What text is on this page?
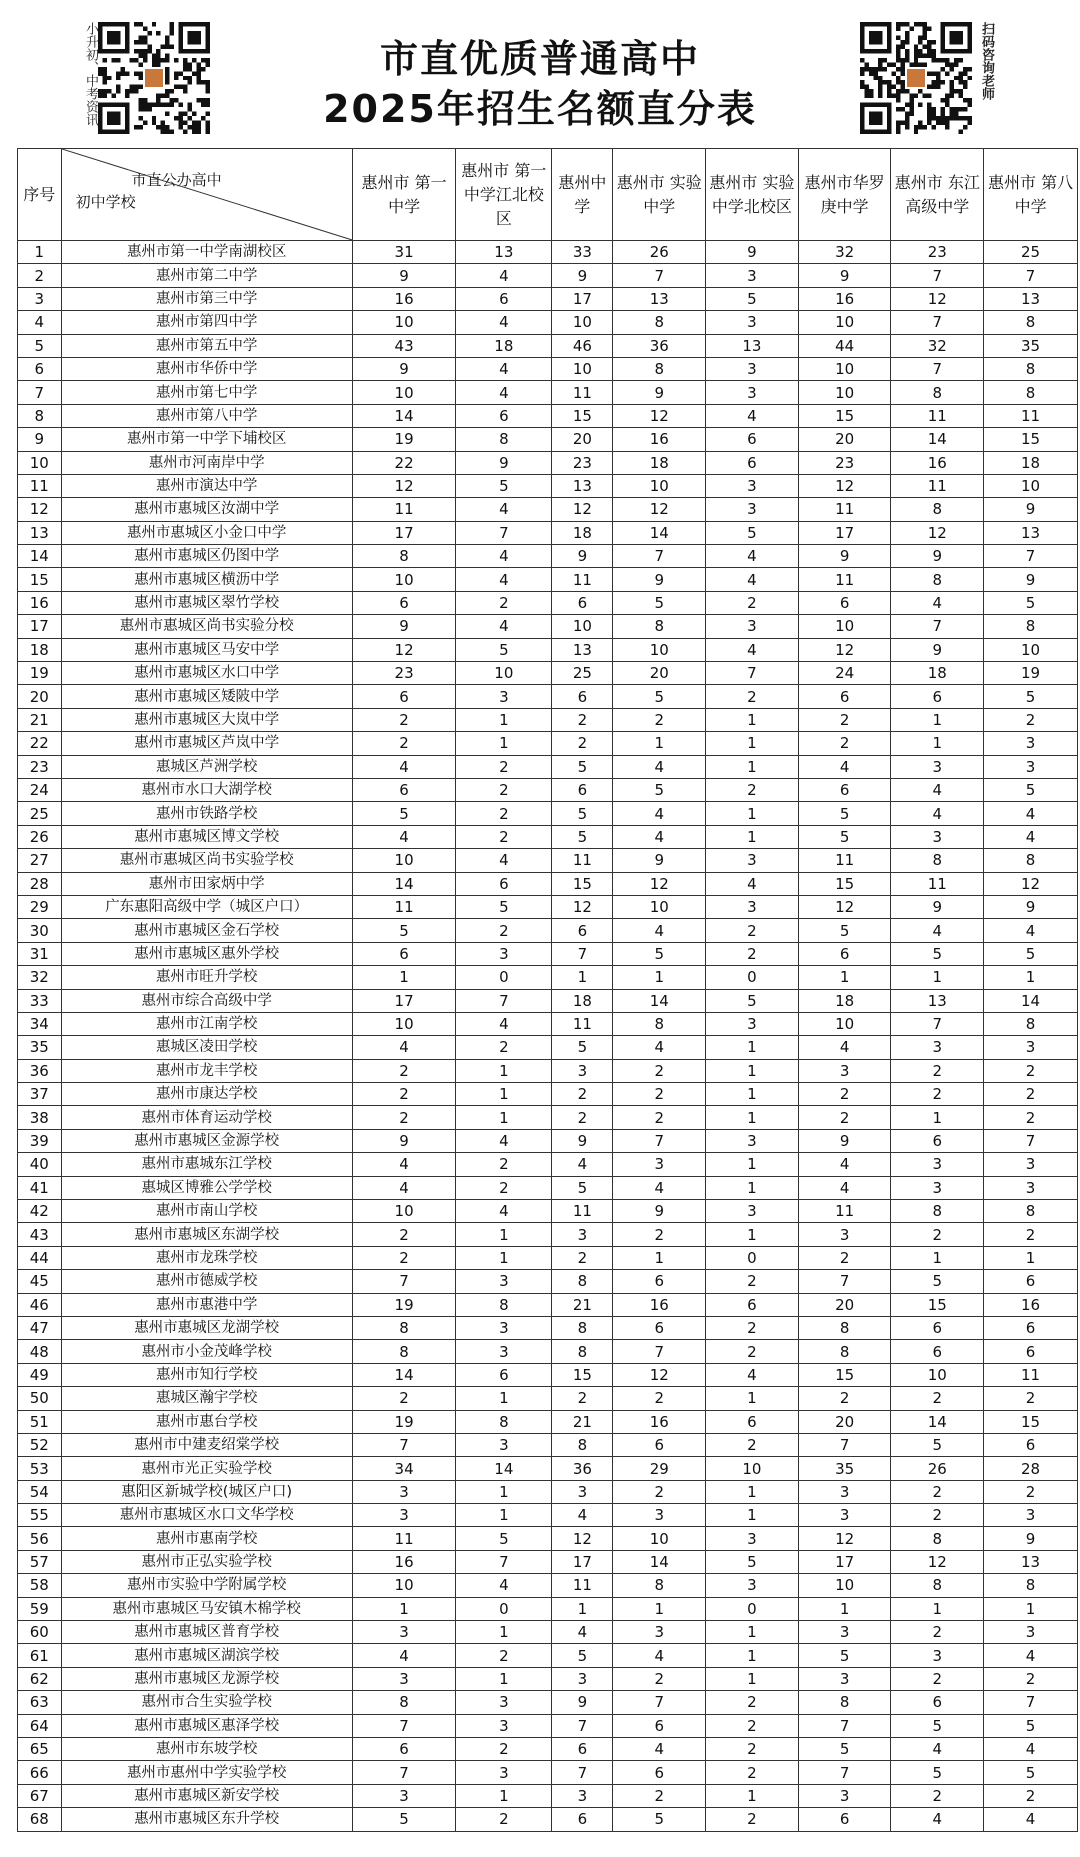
小升初、中考资讯	市直优质普通高中
2025年招生名额直分表
扫码咨询老师
序号	市直公办高中
初中学校	惠州市 第一中学	惠州市 第一中学江北校区	惠州中学	惠州市 实验中学	惠州市 实验中学北校区	惠州市华罗庚中学	惠州市 东江高级中学	惠州市 第八中学

1	惠州市第一中学南湖校区	31	13	33	26	9	32	23	25
2	惠州市第二中学	9	4	9	7	3	9	7	7
3	惠州市第三中学	16	6	17	13	5	16	12	13
4	惠州市第四中学	10	4	10	8	3	10	7	8
5	惠州市第五中学	43	18	46	36	13	44	32	35
6	惠州市华侨中学	9	4	10	8	3	10	7	8
7	惠州市第七中学	10	4	11	9	3	10	8	8
8	惠州市第八中学	14	6	15	12	4	15	11	11
9	惠州市第一中学下埔校区	19	8	20	16	6	20	14	15
10	惠州市河南岸中学	22	9	23	18	6	23	16	18
11	惠州市演达中学	12	5	13	10	3	12	11	10
12	惠州市惠城区汝湖中学	11	4	12	12	3	11	8	9
13	惠州市惠城区小金口中学	17	7	18	14	5	17	12	13
14	惠州市惠城区仍图中学	8	4	9	7	4	9	9	7
15	惠州市惠城区横沥中学	10	4	11	9	4	11	8	9
16	惠州市惠城区翠竹学校	6	2	6	5	2	6	4	5
17	惠州市惠城区尚书实验分校	9	4	10	8	3	10	7	8
18	惠州市惠城区马安中学	12	5	13	10	4	12	9	10
19	惠州市惠城区水口中学	23	10	25	20	7	24	18	19
20	惠州市惠城区矮陂中学	6	3	6	5	2	6	6	5
21	惠州市惠城区大岚中学	2	1	2	2	1	2	1	2
22	惠州市惠城区芦岚中学	2	1	2	1	1	2	1	3
23	惠城区芦洲学校	4	2	5	4	1	4	3	3
24	惠州市水口大湖学校	6	2	6	5	2	6	4	5
25	惠州市铁路学校	5	2	5	4	1	5	4	4
26	惠州市惠城区博文学校	4	2	5	4	1	5	3	4
27	惠州市惠城区尚书实验学校	10	4	11	9	3	11	8	8
28	惠州市田家炳中学	14	6	15	12	4	15	11	12
29	广东惠阳高级中学（城区户口）	11	5	12	10	3	12	9	9
30	惠州市惠城区金石学校	5	2	6	4	2	5	4	4
31	惠州市惠城区惠外学校	6	3	7	5	2	6	5	5
32	惠州市旺升学校	1	0	1	1	0	1	1	1
33	惠州市综合高级中学	17	7	18	14	5	18	13	14
34	惠州市江南学校	10	4	11	8	3	10	7	8
35	惠城区凌田学校	4	2	5	4	1	4	3	3
36	惠州市龙丰学校	2	1	3	2	1	3	2	2
37	惠州市康达学校	2	1	2	2	1	2	2	2
38	惠州市体育运动学校	2	1	2	2	1	2	1	2
39	惠州市惠城区金源学校	9	4	9	7	3	9	6	7
40	惠州市惠城东江学校	4	2	4	3	1	4	3	3
41	惠城区博雅公学学校	4	2	5	4	1	4	3	3
42	惠州市南山学校	10	4	11	9	3	11	8	8
43	惠州市惠城区东湖学校	2	1	3	2	1	3	2	2
44	惠州市龙珠学校	2	1	2	1	0	2	1	1
45	惠州市德威学校	7	3	8	6	2	7	5	6
46	惠州市惠港中学	19	8	21	16	6	20	15	16
47	惠州市惠城区龙湖学校	8	3	8	6	2	8	6	6
48	惠州市小金茂峰学校	8	3	8	7	2	8	6	6
49	惠州市知行学校	14	6	15	12	4	15	10	11
50	惠城区瀚宇学校	2	1	2	2	1	2	2	2
51	惠州市惠台学校	19	8	21	16	6	20	14	15
52	惠州市中建麦绍棠学校	7	3	8	6	2	7	5	6
53	惠州市光正实验学校	34	14	36	29	10	35	26	28
54	惠阳区新城学校(城区户口)	3	1	3	2	1	3	2	2
55	惠州市惠城区水口文华学校	3	1	4	3	1	3	2	3
56	惠州市惠南学校	11	5	12	10	3	12	8	9
57	惠州市正弘实验学校	16	7	17	14	5	17	12	13
58	惠州市实验中学附属学校	10	4	11	8	3	10	8	8
59	惠州市惠城区马安镇木棉学校	1	0	1	1	0	1	1	1
60	惠州市惠城区普育学校	3	1	4	3	1	3	2	3
61	惠州市惠城区湖滨学校	4	2	5	4	1	5	3	4
62	惠州市惠城区龙源学校	3	1	3	2	1	3	2	2
63	惠州市合生实验学校	8	3	9	7	2	8	6	7
64	惠州市惠城区惠泽学校	7	3	7	6	2	7	5	5
65	惠州市东坡学校	6	2	6	4	2	5	4	4
66	惠州市惠州中学实验学校	7	3	7	6	2	7	5	5
67	惠州市惠城区新安学校	3	1	3	2	1	3	2	2
68	惠州市惠城区东升学校	5	2	6	5	2	6	4	4
